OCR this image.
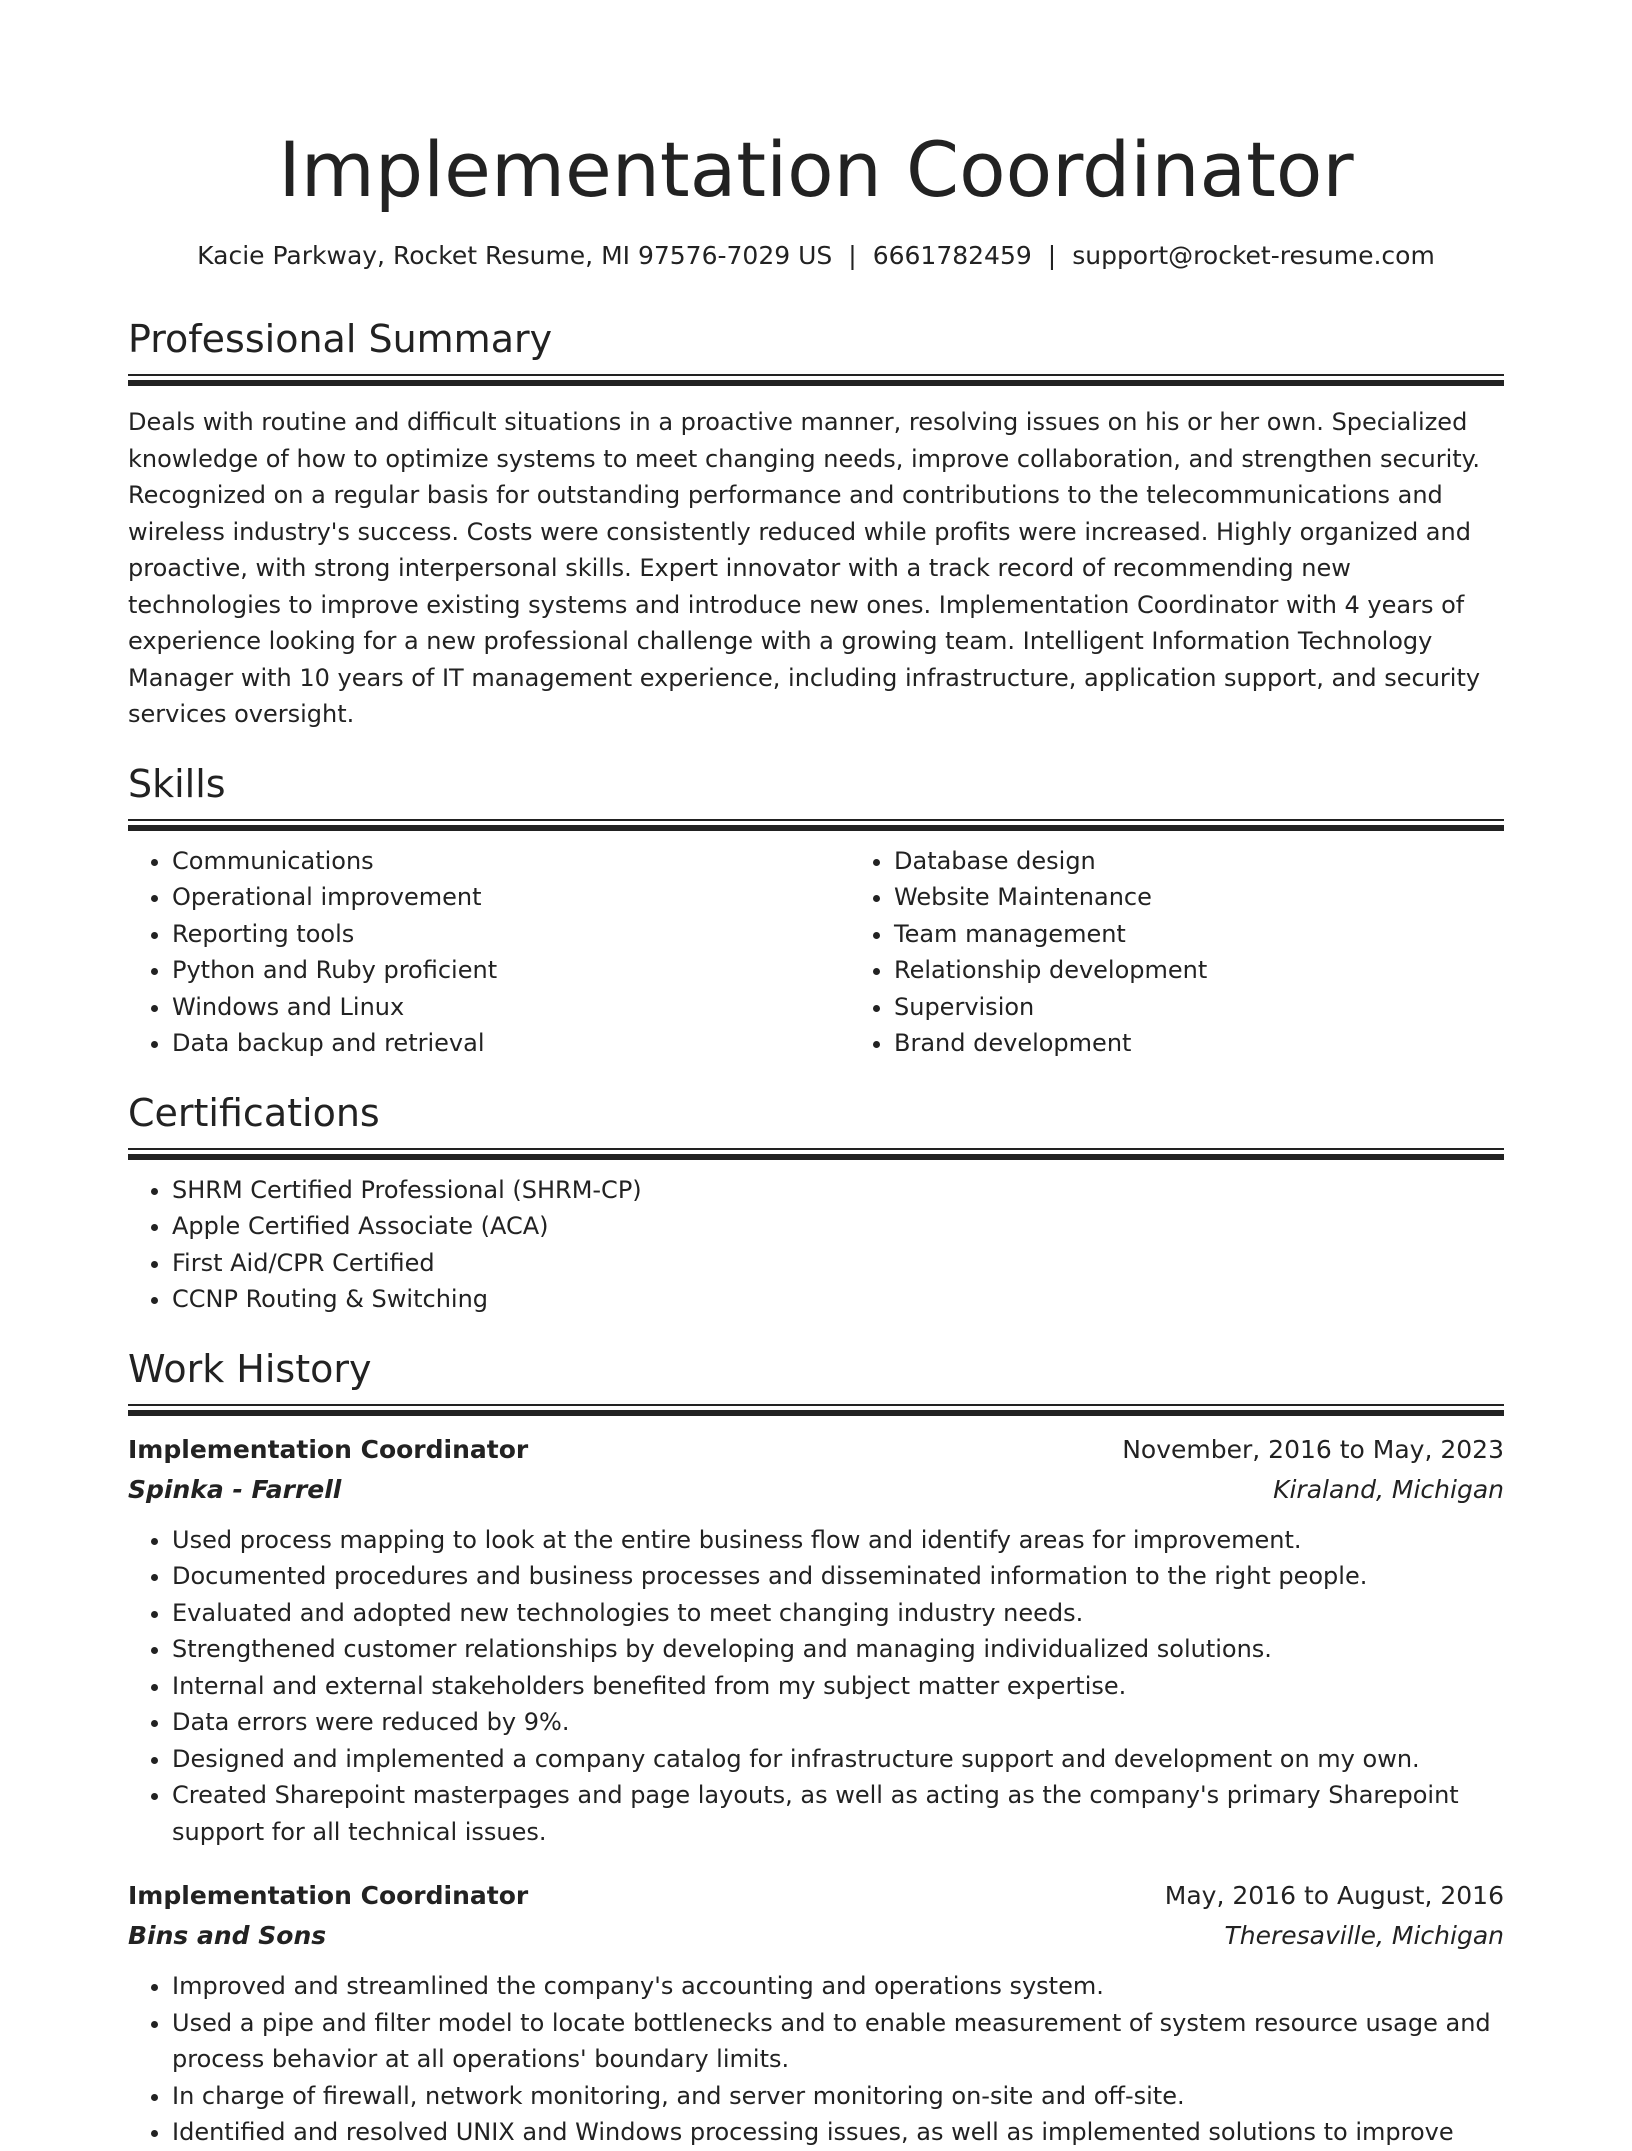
Implementation Coordinator
Kacie Parkway, Rocket Resume, MI 97576-7029 US | 6661782459 | support@rocket-resume.com
Professional Summary

Deals with routine and difficult situations in a proactive manner, resolving issues on his or her own. Specialized knowledge of how to optimize systems to meet changing needs, improve collaboration, and strengthen security. Recognized on a regular basis for outstanding performance and contributions to the telecommunications and wireless industry's success. Costs were consistently reduced while profits were increased. Highly organized and proactive, with strong interpersonal skills. Expert innovator with a track record of recommending new technologies to improve existing systems and introduce new ones. Implementation Coordinator with 4 years of experience looking for a new professional challenge with a growing team. Intelligent Information Technology Manager with 10 years of IT management experience, including infrastructure, application support, and security services oversight.

Skills
• Communications
• Operational improvement
• Reporting tools
• Python and Ruby proficient
• Windows and Linux
• Data backup and retrieval
• Database design
• Website Maintenance
• Team management
• Relationship development
• Supervision
• Brand development
Certifications
• SHRM Certified Professional (SHRM-CP)
• Apple Certified Associate (ACA)
• First Aid/CPR Certified
• CCNP Routing & Switching
Work History
Implementation Coordinator	November, 2016 to May, 2023
Spinka - Farrell	Kiraland, Michigan
• Used process mapping to look at the entire business flow and identify areas for improvement.
• Documented procedures and business processes and disseminated information to the right people.
• Evaluated and adopted new technologies to meet changing industry needs.
• Strengthened customer relationships by developing and managing individualized solutions.
• Internal and external stakeholders benefited from my subject matter expertise.
• Data errors were reduced by 9%.
• Designed and implemented a company catalog for infrastructure support and development on my own.
• Created Sharepoint masterpages and page layouts, as well as acting as the company's primary Sharepoint support for all technical issues.
Implementation Coordinator	May, 2016 to August, 2016
Bins and Sons	Theresaville, Michigan
• Improved and streamlined the company's accounting and operations system.
• Used a pipe and filter model to locate bottlenecks and to enable measurement of system resource usage and process behavior at all operations' boundary limits.
• In charge of firewall, network monitoring, and server monitoring on-site and off-site.
• Identified and resolved UNIX and Windows processing issues, as well as implemented solutions to improve
